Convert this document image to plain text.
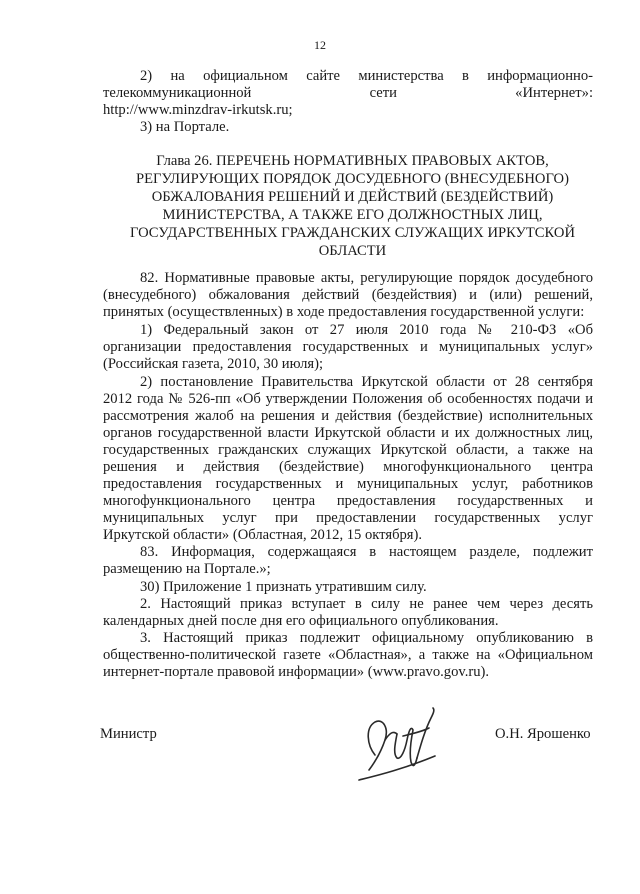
12
2) на официальном сайте министерства в информационно-
телекоммуникационной сети «Интернет»:
http://www.minzdrav-irkutsk.ru;
3) на Портале.
Глава 26. ПЕРЕЧЕНЬ НОРМАТИВНЫХ ПРАВОВЫХ АКТОВ,
РЕГУЛИРУЮЩИХ ПОРЯДОК ДОСУДЕБНОГО (ВНЕСУДЕБНОГО)
ОБЖАЛОВАНИЯ РЕШЕНИЙ И ДЕЙСТВИЙ (БЕЗДЕЙСТВИЙ)
МИНИСТЕРСТВА, А ТАКЖЕ ЕГО ДОЛЖНОСТНЫХ ЛИЦ,
ГОСУДАРСТВЕННЫХ ГРАЖДАНСКИХ СЛУЖАЩИХ ИРКУТСКОЙ
ОБЛАСТИ
82. Нормативные правовые акты, регулирующие порядок досудебного
(внесудебного) обжалования действий (бездействия) и (или) решений,
принятых (осуществленных) в ходе предоставления государственной услуги:
1) Федеральный закон от 27 июля 2010 года № 210-ФЗ «Об
организации предоставления государственных и муниципальных услуг»
(Российская газета, 2010, 30 июля);
2) постановление Правительства Иркутской области от 28 сентября
2012 года № 526-пп «Об утверждении Положения об особенностях подачи и
рассмотрения жалоб на решения и действия (бездействие) исполнительных
органов государственной власти Иркутской области и их должностных лиц,
государственных гражданских служащих Иркутской области, а также на
решения и действия (бездействие) многофункционального центра
предоставления государственных и муниципальных услуг, работников
многофункционального центра предоставления государственных и
муниципальных услуг при предоставлении государственных услуг
Иркутской области» (Областная, 2012, 15 октября).
83. Информация, содержащаяся в настоящем разделе, подлежит
размещению на Портале.»;
30) Приложение 1 признать утратившим силу.
2. Настоящий приказ вступает в силу не ранее чем через десять
календарных дней после дня его официального опубликования.
3. Настоящий приказ подлежит официальному опубликованию в
общественно-политической газете «Областная», а также на «Официальном
интернет-портале правовой информации» (www.pravo.gov.ru).
Министр	О.Н. Ярошенко
